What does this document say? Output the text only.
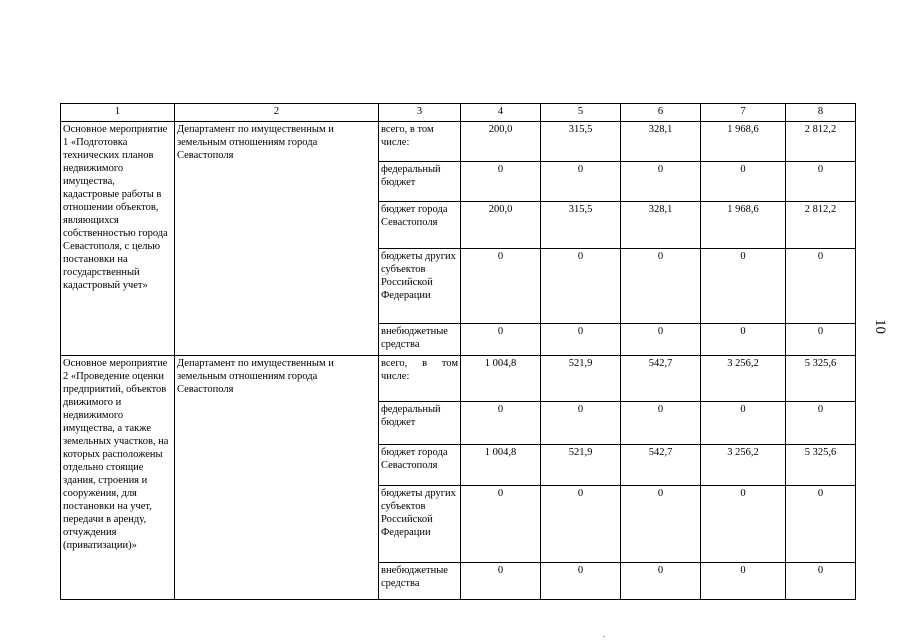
1	2	3	4	5	6	7	8
Основное мероприятие 1 «Подготовка технических планов недвижимого имущества, кадастровые работы в отношении объектов, являющихся собственностью города Севастополя, с целью постановки на государственный кадастровый учет»	Департамент по имущественным и земельным отношениям города Севастополя	всего, в том числе:	200,0	315,5	328,1	1 968,6	2 812,2
		федеральный бюджет	0	0	0	0	0
		бюджет города Севастополя	200,0	315,5	328,1	1 968,6	2 812,2
		бюджеты других субъектов Российской Федерации	0	0	0	0	0
		внебюджетные средства	0	0	0	0	0
Основное мероприятие 2 «Проведение оценки предприятий, объектов движимого и недвижимого имущества, а также земельных участков, на которых расположены отдельно стоящие здания, строения и сооружения, для постановки на учет, передачи в аренду, отчуждения (приватизации)»	Департамент по имущественным и земельным отношениям города Севастополя	всего, в том числе:	1 004,8	521,9	542,7	3 256,2	5 325,6
		федеральный бюджет	0	0	0	0	0
		бюджет города Севастополя	1 004,8	521,9	542,7	3 256,2	5 325,6
		бюджеты других субъектов Российской Федерации	0	0	0	0	0
		внебюджетные средства	0	0	0	0	0
10
